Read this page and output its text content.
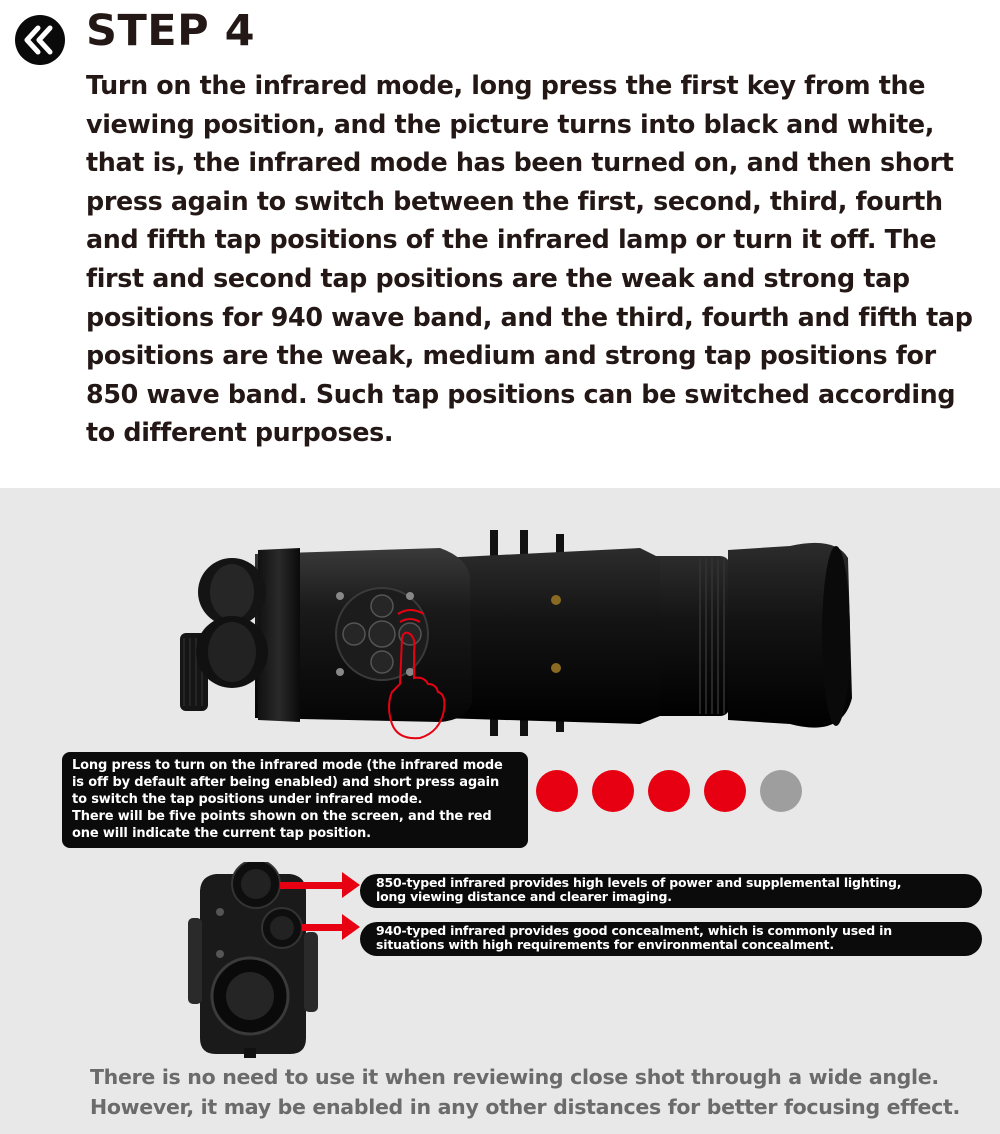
STEP 4
Turn on the infrared mode, long press the first key from the viewing position, and the picture turns into black and white, that is, the infrared mode has been turned on, and then short press again to switch between the first, second, third, fourth and fifth tap positions of the infrared lamp or turn it off. The first and second tap positions are the weak and strong tap positions for 940 wave band, and the third, fourth and fifth tap positions are the weak, medium and strong tap positions for 850 wave band. Such tap positions can be switched according to different purposes.
Long press to turn on the infrared mode (the infrared mode
is off by default after being enabled) and short press again
to switch the tap positions under infrared mode.
There will be five points shown on the screen, and the red
one will indicate the current tap position.
850-typed infrared provides high levels of power and supplemental lighting,
long viewing distance and clearer imaging.
940-typed infrared provides good concealment, which is commonly used in
situations with high requirements for environmental concealment.
There is no need to use it when reviewing close shot through a wide angle.
However, it may be enabled in any other distances for better focusing effect.
